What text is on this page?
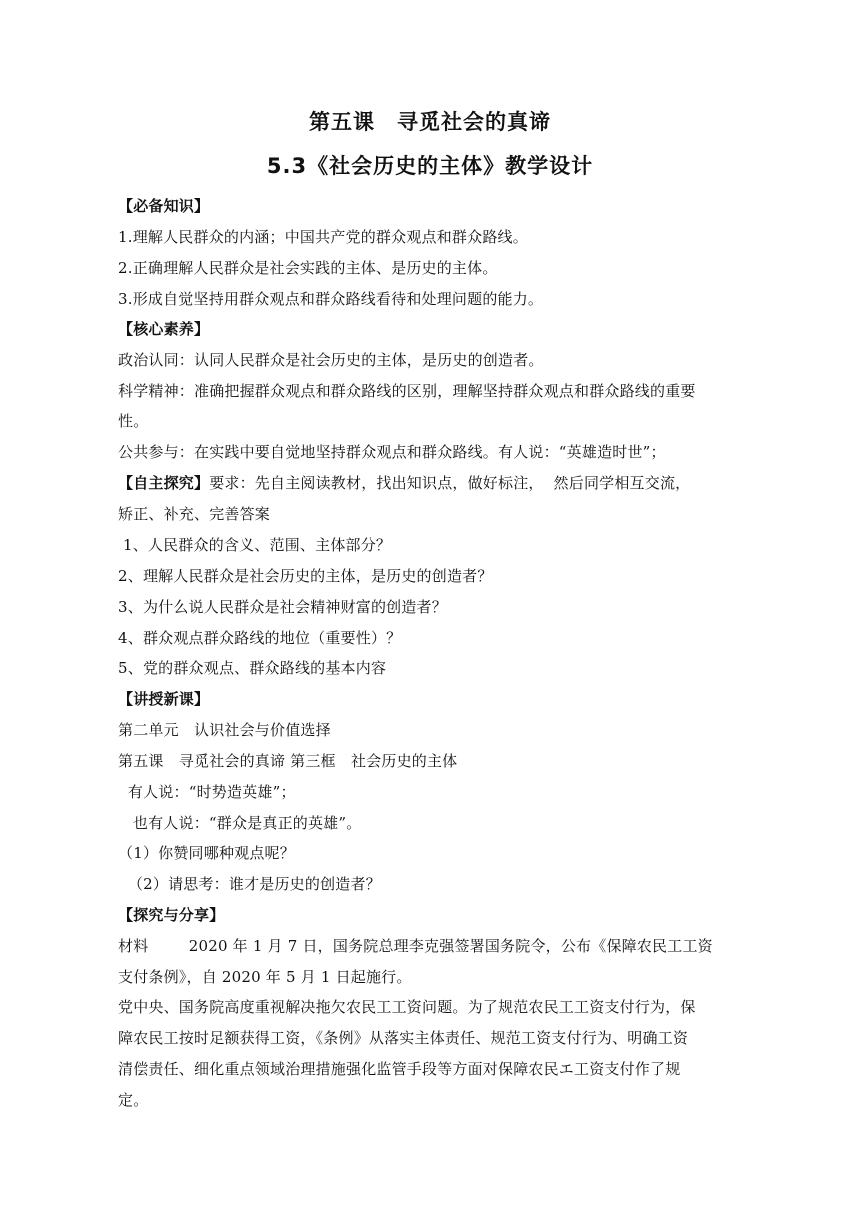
第五课　寻觅社会的真谛
5.3《社会历史的主体》教学设计
【必备知识】
1.理解人民群众的内涵；中国共产党的群众观点和群众路线。
2.正确理解人民群众是社会实践的主体、是历史的主体。
3.形成自觉坚持用群众观点和群众路线看待和处理问题的能力。
【核心素养】
政治认同：认同人民群众是社会历史的主体，是历史的创造者。
科学精神：准确把握群众观点和群众路线的区别，理解坚持群众观点和群众路线的重要
性。
公共参与：在实践中要自觉地坚持群众观点和群众路线。有人说：“英雄造时世”；
【自主探究】要求：先自主阅读教材，找出知识点，做好标注，  然后同学相互交流，
矫正、补充、完善答案
1、人民群众的含义、范围、主体部分？
2、理解人民群众是社会历史的主体，是历史的创造者？
3、为什么说人民群众是社会精神财富的创造者？
4、群众观点群众路线的地位（重要性）？
5、党的群众观点、群众路线的基本内容
【讲授新课】
第二单元　认识社会与价值选择
第五课　寻觅社会的真谛 第三框　社会历史的主体
有人说：“时势造英雄”；
也有人说：“群众是真正的英雄”。
（1）你赞同哪种观点呢？
（2）请思考：谁才是历史的创造者？
【探究与分享】
材料　　  2020 年 1 月 7 日，国务院总理李克强签署国务院令，公布《保障农民工工资
支付条例》，自 2020 年 5 月 1 日起施行。
党中央、国务院高度重视解决拖欠农民工工资问题。为了规范农民工工资支付行为，保
障农民工按时足额获得工资，《条例》从落实主体责任、规范工资支付行为、明确工资
清偿责任、细化重点领域治理措施强化监管手段等方面对保障农民エ工资支付作了规
定。
